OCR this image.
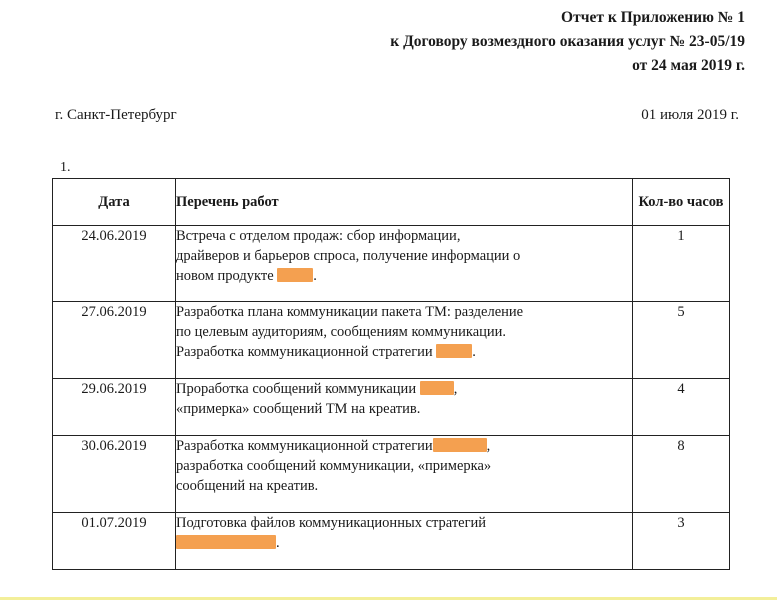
Отчет к Приложению № 1
к Договору возмездного оказания услуг № 23-05/19
от 24 мая 2019 г.
г. Санкт-Петербург	01 июля 2019 г.
1.
Дата	Перечень работ	Кол-во часов
24.06.2019	Встреча с отделом продаж: сбор информации,
драйверов и барьеров спроса, получение информации о
новом продукте .	1
27.06.2019	Разработка плана коммуникации пакета ТМ: разделение
по целевым аудиториям, сообщениям коммуникации.
Разработка коммуникационной стратегии .	5
29.06.2019	Проработка сообщений коммуникации ,
«примерка» сообщений ТМ на креатив.	4
30.06.2019	Разработка коммуникационной стратегии ,
разработка сообщений коммуникации, «примерка»
сообщений на креатив.	8
01.07.2019	Подготовка файлов коммуникационных стратегий
.	3
